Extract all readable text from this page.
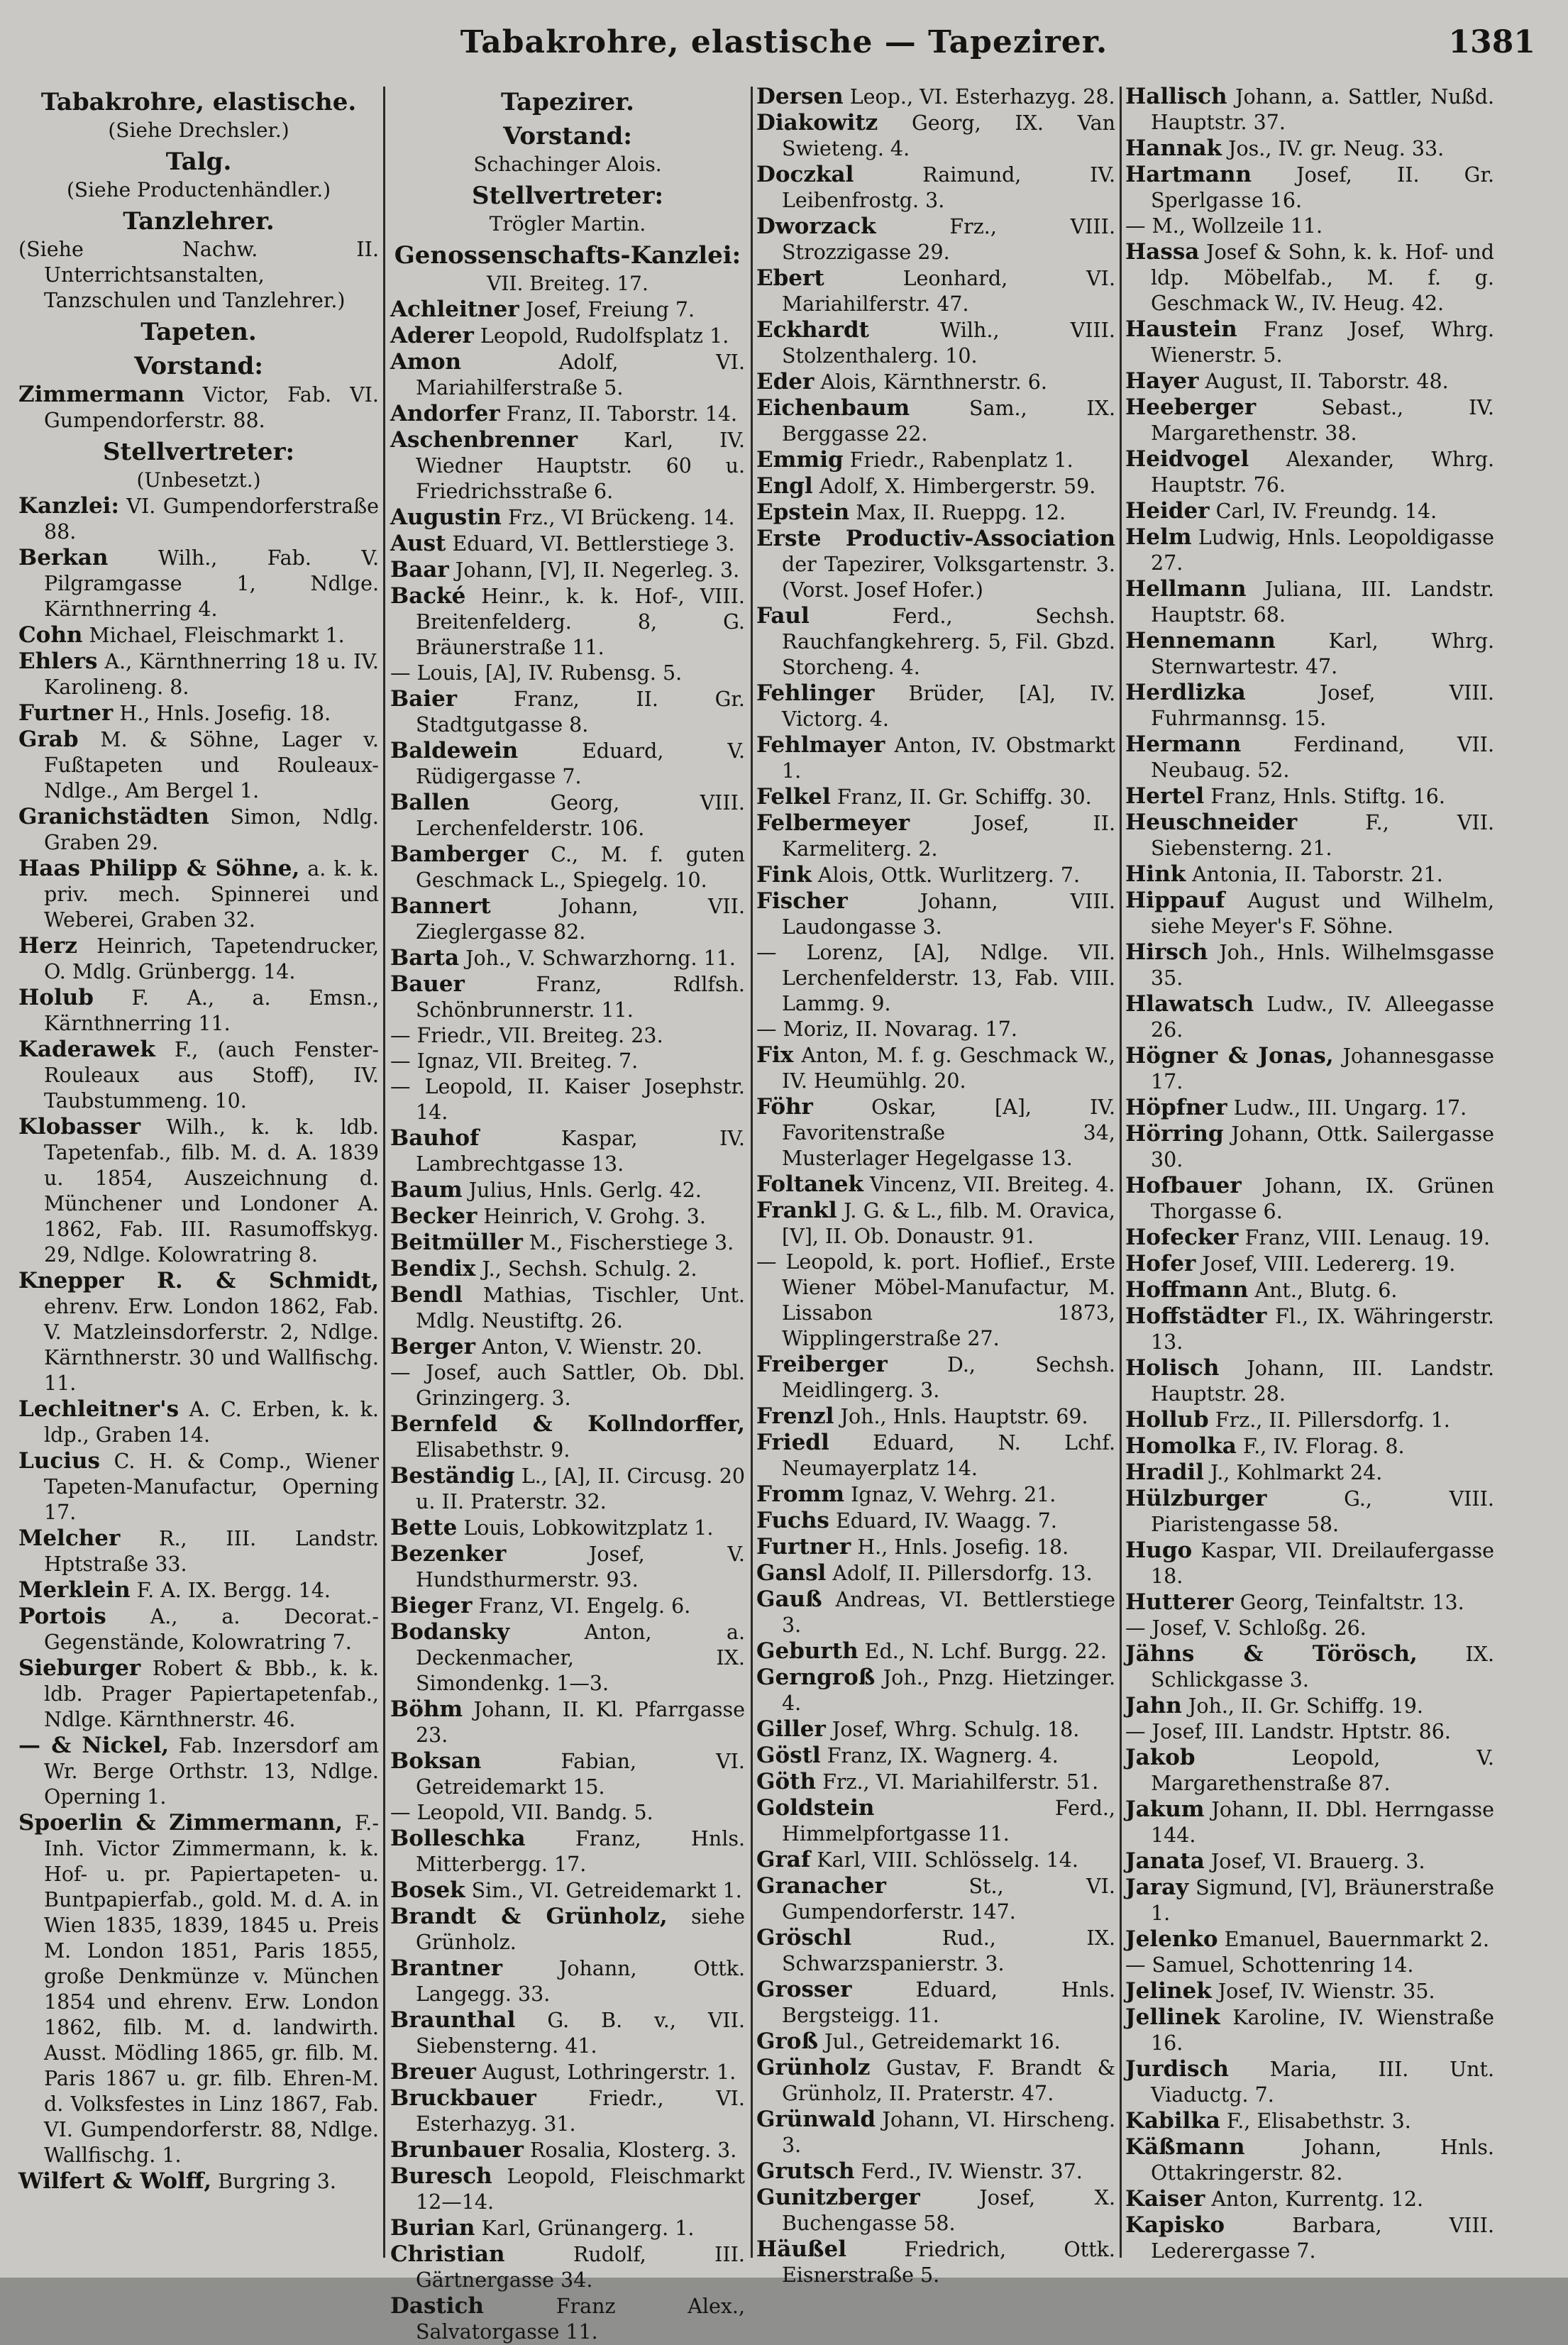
Tabakrohre, elastische — Tapezirer.	1381
Tabakrohre, elastische.
(Siehe Drechsler.)
Talg.
(Siehe Productenhändler.)
Tanzlehrer.
(Siehe Nachw. II. Unterrichtsanstalten, Tanzschulen und Tanzlehrer.)
Tapeten.
Vorstand:
Zimmermann Victor, Fab. VI. Gumpendorferstr. 88.
Stellvertreter:
(Unbesetzt.)
Kanzlei: VI. Gumpendorferstraße 88.
Berkan Wilh., Fab. V. Pilgramgasse 1, Ndlge. Kärnthnerring 4.
Cohn Michael, Fleischmarkt 1.
Ehlers A., Kärnthnerring 18 u. IV. Karolineng. 8.
Furtner H., Hnls. Josefig. 18.
Grab M. & Söhne, Lager v. Fußtapeten und Rouleaux-Ndlge., Am Bergel 1.
Granichstädten Simon, Ndlg. Graben 29.
Haas Philipp & Söhne, a. k. k. priv. mech. Spinnerei und Weberei, Graben 32.
Herz Heinrich, Tapetendrucker, O. Mdlg. Grünbergg. 14.
Holub F. A., a. Emsn., Kärnthnerring 11.
Kaderawek F., (auch Fenster-Rouleaux aus Stoff), IV. Taubstummeng. 10.
Klobasser Wilh., k. k. ldb. Tapetenfab., filb. M. d. A. 1839 u. 1854, Auszeichnung d. Münchener und Londoner A. 1862, Fab. III. Rasumoffskyg. 29, Ndlge. Kolowratring 8.
Knepper R. & Schmidt, ehrenv. Erw. London 1862, Fab. V. Matzleinsdorferstr. 2, Ndlge. Kärnthnerstr. 30 und Wallfischg. 11.
Lechleitner's A. C. Erben, k. k. ldp., Graben 14.
Lucius C. H. & Comp., Wiener Tapeten-Manufactur, Operning 17.
Melcher R., III. Landstr. Hptstraße 33.
Merklein F. A. IX. Bergg. 14.
Portois A., a. Decorat.-Gegenstände, Kolowratring 7.
Sieburger Robert & Bbb., k. k. ldb. Prager Papiertapetenfab., Ndlge. Kärnthnerstr. 46.
— & Nickel, Fab. Inzersdorf am Wr. Berge Orthstr. 13, Ndlge. Operning 1.
Spoerlin & Zimmermann, F.-Inh. Victor Zimmermann, k. k. Hof- u. pr. Papiertapeten- u. Buntpapierfab., gold. M. d. A. in Wien 1835, 1839, 1845 u. Preis M. London 1851, Paris 1855, große Denkmünze v. München 1854 und ehrenv. Erw. London 1862, filb. M. d. landwirth. Ausst. Mödling 1865, gr. filb. M. Paris 1867 u. gr. filb. Ehren-M. d. Volksfestes in Linz 1867, Fab. VI. Gumpendorferstr. 88, Ndlge. Wallfischg. 1.
Wilfert & Wolff, Burgring 3.
Tapezirer.
Vorstand:
Schachinger Alois.
Stellvertreter:
Trögler Martin.
Genossenschafts-Kanzlei:
VII. Breiteg. 17.
Achleitner Josef, Freiung 7.
Aderer Leopold, Rudolfsplatz 1.
Amon	Adolf, VI. Mariahilferstraße 5.
Andorfer Franz, II. Taborstr. 14.
Aschenbrenner Karl, IV. Wiedner Hauptstr. 60 u. Friedrichsstraße 6.
Augustin Frz., VI Brückeng. 14.
Aust Eduard, VI. Bettlerstiege 3.
Baar Johann, [V], II. Negerleg. 3.
Backé Heinr., k. k. Hof-, VIII. Breitenfelderg. 8, G. Bräunerstraße 11.
— Louis, [A], IV. Rubensg. 5.
Baier	Franz, II. Gr. Stadtgutgasse 8.
Baldewein	Eduard, V. Rüdigergasse 7.
Ballen	Georg, VIII. Lerchenfelderstr. 106.
Bamberger C., M. f. guten Geschmack L., Spiegelg. 10.
Bannert	Johann, VII. Zieglergasse 82.
Barta Joh., V. Schwarzhorng. 11.
Bauer	Franz, Rdlfsh. Schönbrunnerstr. 11.
— Friedr., VII. Breiteg. 23.
— Ignaz, VII. Breiteg. 7.
— Leopold, II. Kaiser Josephstr. 14.
Bauhof	Kaspar, IV. Lambrechtgasse 13.
Baum Julius, Hnls. Gerlg. 42.
Becker Heinrich, V. Grohg. 3.
Beitmüller M., Fischerstiege 3.
Bendix J., Sechsh. Schulg. 2.
Bendl Mathias, Tischler, Unt. Mdlg. Neustiftg. 26.
Berger Anton, V. Wienstr. 20.
— Josef, auch Sattler, Ob. Dbl. Grinzingerg. 3.
Bernfeld & Kollndorffer, Elisabethstr. 9.
Beständig L., [A], II. Circusg. 20 u. II. Praterstr. 32.
Bette Louis, Lobkowitzplatz 1.
Bezenker	Josef, V. Hundsthurmerstr. 93.
Bieger Franz, VI. Engelg. 6.
Bodansky	Anton, a. Deckenmacher, IX. Simondenkg. 1—3.
Böhm Johann, II. Kl. Pfarrgasse 23.
Boksan	Fabian, VI. Getreidemarkt 15.
— Leopold, VII. Bandg. 5.
Bolleschka Franz, Hnls. Mitterbergg. 17.
Bosek Sim., VI. Getreidemarkt 1.
Brandt & Grünholz, siehe Grünholz.
Brantner	Johann, Ottk. Langegg. 33.
Braunthal G. B. v., VII. Siebensterng. 41.
Breuer August, Lothringerstr. 1.
Bruckbauer	Friedr., VI. Esterhazyg. 31.
Brunbauer Rosalia, Klosterg. 3.
Buresch Leopold, Fleischmarkt 12—14.
Burian Karl, Grünangerg. 1.
Christian	Rudolf, III. Gärtnergasse 34.
Dastich	Franz Alex., Salvatorgasse 11.
Dersen Leop., VI. Esterhazyg. 28.
Diakowitz Georg, IX. Van Swieteng. 4.
Doczkal	Raimund, IV. Leibenfrostg. 3.
Dworzack	Frz., VIII. Strozzigasse 29.
Ebert	Leonhard, VI. Mariahilferstr. 47.
Eckhardt	Wilh., VIII. Stolzenthalerg. 10.
Eder Alois, Kärnthnerstr. 6.
Eichenbaum	Sam., IX. Berggasse 22.
Emmig Friedr., Rabenplatz 1.
Engl Adolf, X. Himbergerstr. 59.
Epstein Max, II. Rueppg. 12.
Erste Productiv-Association der Tapezirer, Volksgartenstr. 3. (Vorst. Josef Hofer.)
Faul	Ferd., Sechsh. Rauchfangkehrerg. 5, Fil. Gbzd. Storcheng. 4.
Fehlinger Brüder, [A], IV. Victorg. 4.
Fehlmayer Anton, IV. Obstmarkt 1.
Felkel Franz, II. Gr. Schiffg. 30.
Felbermeyer	Josef, II. Karmeliterg. 2.
Fink Alois, Ottk. Wurlitzerg. 7.
Fischer	Johann, VIII. Laudongasse 3.
— Lorenz, [A], Ndlge. VII. Lerchenfelderstr. 13, Fab. VIII. Lammg. 9.
— Moriz, II. Novarag. 17.
Fix Anton, M. f. g. Geschmack W., IV. Heumühlg. 20.
Föhr	Oskar, [A], IV. Favoritenstraße 34, Musterlager Hegelgasse 13.
Foltanek Vincenz, VII. Breiteg. 4.
Frankl J. G. & L., filb. M. Oravica, [V], II. Ob. Donaustr. 91.
— Leopold, k. port. Hoflief., Erste Wiener Möbel-Manufactur, M. Lissabon 1873, Wipplingerstraße 27.
Freiberger	D., Sechsh. Meidlingerg. 3.
Frenzl Joh., Hnls. Hauptstr. 69.
Friedl Eduard, N. Lchf. Neumayerplatz 14.
Fromm Ignaz, V. Wehrg. 21.
Fuchs Eduard, IV. Waagg. 7.
Furtner H., Hnls. Josefig. 18.
Gansl Adolf, II. Pillersdorfg. 13.
Gauß Andreas, VI. Bettlerstiege 3.
Geburth Ed., N. Lchf. Burgg. 22.
Gerngroß Joh., Pnzg. Hietzinger. 4.
Giller Josef, Whrg. Schulg. 18.
Göstl Franz, IX. Wagnerg. 4.
Göth Frz., VI. Mariahilferstr. 51.
Goldstein	Ferd., Himmelpfortgasse 11.
Graf Karl, VIII. Schlösselg. 14.
Granacher	St., VI. Gumpendorferstr. 147.
Gröschl	Rud., IX. Schwarzspanierstr. 3.
Grosser	Eduard, Hnls. Bergsteigg. 11.
Groß Jul., Getreidemarkt 16.
Grünholz Gustav, F. Brandt & Grünholz, II. Praterstr. 47.
Grünwald Johann, VI. Hirscheng. 3.
Grutsch Ferd., IV. Wienstr. 37.
Gunitzberger	Josef, X. Buchengasse 58.
Häußel	Friedrich, Ottk. Eisnerstraße 5.
Hallisch Johann, a. Sattler, Nußd. Hauptstr. 37.
Hannak Jos., IV. gr. Neug. 33.
Hartmann Josef, II. Gr. Sperlgasse 16.
— M., Wollzeile 11.
Hassa Josef & Sohn, k. k. Hof- und ldp. Möbelfab., M. f. g. Geschmack W., IV. Heug. 42.
Haustein Franz Josef, Whrg. Wienerstr. 5.
Hayer August, II. Taborstr. 48.
Heeberger	Sebast., IV. Margarethenstr. 38.
Heidvogel Alexander, Whrg. Hauptstr. 76.
Heider Carl, IV. Freundg. 14.
Helm Ludwig, Hnls. Leopoldigasse 27.
Hellmann Juliana, III. Landstr. Hauptstr. 68.
Hennemann	Karl, Whrg. Sternwartestr. 47.
Herdlizka	Josef, VIII. Fuhrmannsg. 15.
Hermann	Ferdinand, VII. Neubaug. 52.
Hertel Franz, Hnls. Stiftg. 16.
Heuschneider	F., VII. Siebensterng. 21.
Hink Antonia, II. Taborstr. 21.
Hippauf August und Wilhelm, siehe Meyer's F. Söhne.
Hirsch Joh., Hnls. Wilhelmsgasse 35.
Hlawatsch Ludw., IV. Alleegasse 26.
Högner & Jonas, Johannesgasse 17.
Höpfner Ludw., III. Ungarg. 17.
Hörring Johann, Ottk. Sailergasse 30.
Hofbauer Johann, IX. Grünen Thorgasse 6.
Hofecker Franz, VIII. Lenaug. 19.
Hofer Josef, VIII. Ledererg. 19.
Hoffmann Ant., Blutg. 6.
Hoffstädter Fl., IX. Währingerstr. 13.
Holisch Johann, III. Landstr. Hauptstr. 28.
Hollub Frz., II. Pillersdorfg. 1.
Homolka F., IV. Florag. 8.
Hradil J., Kohlmarkt 24.
Hülzburger	G., VIII. Piaristengasse 58.
Hugo Kaspar, VII. Dreilaufergasse 18.
Hutterer Georg, Teinfaltstr. 13.
— Josef, V. Schloßg. 26.
Jähns & Törösch, IX. Schlickgasse 3.
Jahn Joh., II. Gr. Schiffg. 19.
— Josef, III. Landstr. Hptstr. 86.
Jakob	Leopold, V. Margarethenstraße 87.
Jakum Johann, II. Dbl. Herrngasse 144.
Janata Josef, VI. Brauerg. 3.
Jaray Sigmund, [V], Bräunerstraße 1.
Jelenko Emanuel, Bauernmarkt 2.
— Samuel, Schottenring 14.
Jelinek Josef, IV. Wienstr. 35.
Jellinek Karoline, IV. Wienstraße 16.
Jurdisch Maria, III. Unt. Viaductg. 7.
Kabilka F., Elisabethstr. 3.
Käßmann	Johann, Hnls. Ottakringerstr. 82.
Kaiser Anton, Kurrentg. 12.
Kapisko	Barbara, VIII. Lederergasse 7.
